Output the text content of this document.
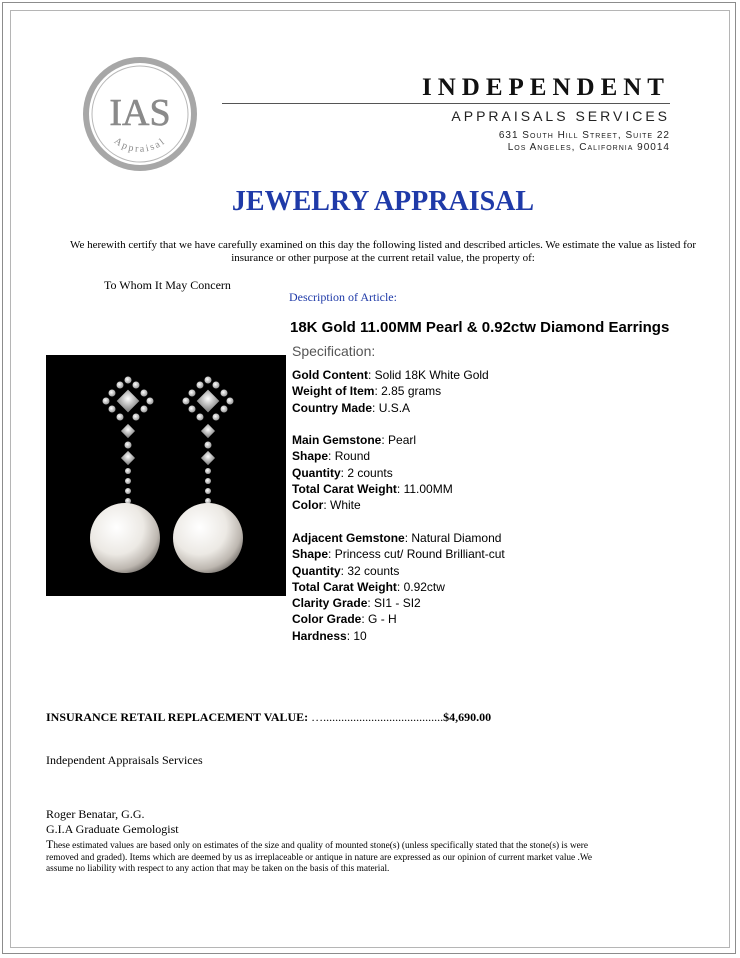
IAS
Appraisal
INDEPENDENT
APPRAISALS SERVICES
631 South Hill Street, Suite 22
Los Angeles, California 90014
JEWELRY APPRAISAL
We herewith certify that we have carefully examined on this day the following listed and described articles. We estimate the value as listed for insurance or other purpose at the current retail value, the property of:
To Whom It May Concern
Description of Article:
18K Gold 11.00MM Pearl & 0.92ctw Diamond Earrings
Specification:
Gold Content: Solid 18K White Gold
Weight of Item: 2.85 grams
Country Made: U.S.A
Main Gemstone: Pearl
Shape: Round
Quantity: 2 counts
Total Carat Weight: 11.00MM
Color: White
Adjacent Gemstone: Natural Diamond
Shape: Princess cut/ Round Brilliant-cut
Quantity: 32 counts
Total Carat Weight: 0.92ctw
Clarity Grade: SI1 - SI2
Color Grade: G - H
Hardness: 10
INSURANCE RETAIL REPLACEMENT VALUE: …........................................$4,690.00
Independent Appraisals Services
Roger Benatar, G.G.
G.I.A Graduate Gemologist
These estimated values are based only on estimates of the size and quality of mounted stone(s) (unless specifically stated that the stone(s) is were removed and graded). Items which are deemed by us as irreplaceable or antique in nature are expressed as our opinion of current market value .We assume no liability with respect to any action that may be taken on the basis of this material.
